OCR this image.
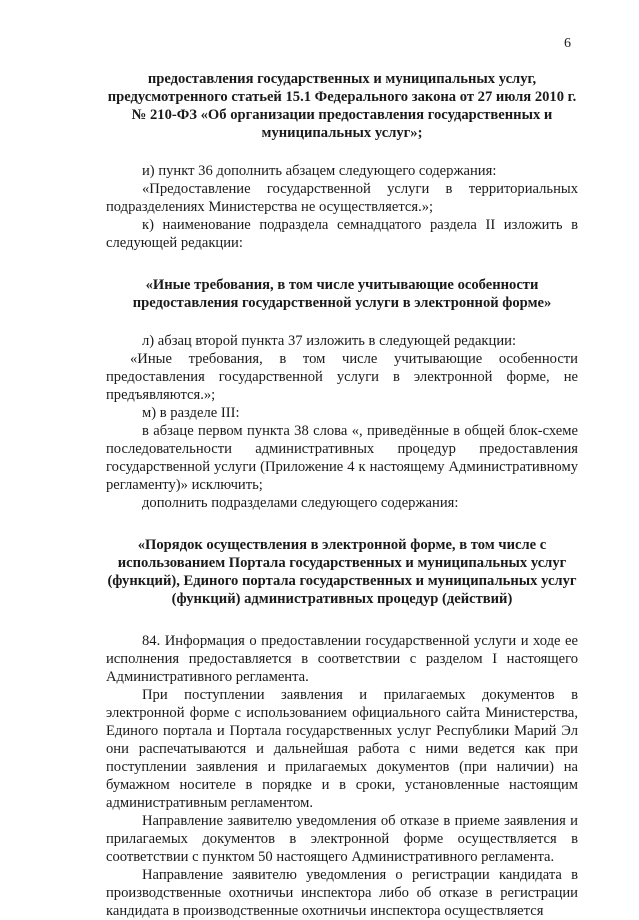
6

предоставления государственных и муниципальных услуг, предусмотренного статьей 15.1 Федерального закона от 27 июля 2010 г. № 210-ФЗ «Об организации предоставления государственных и муниципальных услуг»;

и) пункт 36 дополнить абзацем следующего содержания:

«Предоставление государственной услуги в территориальных подразделениях Министерства не осуществляется.»;

к) наименование подраздела семнадцатого раздела II изложить в следующей редакции:

«Иные требования, в том числе учитывающие особенности предоставления государственной услуги в электронной форме»

л) абзац второй пункта 37 изложить в следующей редакции:

«Иные требования, в том числе учитывающие особенности предоставления государственной услуги в электронной форме, не предъявляются.»;

м) в разделе III:

в абзаце первом пункта 38 слова «, приведённые в общей блок-схеме последовательности административных процедур предоставления государственной услуги (Приложение 4 к настоящему Административному регламенту)» исключить;

дополнить подразделами следующего содержания:

«Порядок осуществления в электронной форме, в том числе с использованием Портала государственных и муниципальных услуг (функций), Единого портала государственных и муниципальных услуг (функций) административных процедур (действий)

84. Информация о предоставлении государственной услуги и ходе ее исполнения предоставляется в соответствии с разделом I настоящего Административного регламента.

При поступлении заявления и прилагаемых документов в электронной форме с использованием официального сайта Министерства, Единого портала и Портала государственных услуг Республики Марий Эл они распечатываются и дальнейшая работа с ними ведется как при поступлении заявления и прилагаемых документов (при наличии) на бумажном носителе в порядке и в сроки, установленные настоящим административным регламентом.

Направление заявителю уведомления об отказе в приеме заявления и прилагаемых документов в электронной форме осуществляется в соответствии с пунктом 50 настоящего Административного регламента.

Направление заявителю уведомления о регистрации кандидата в производственные охотничьи инспектора либо об отказе в регистрации кандидата в производственные охотничьи инспектора осуществляется
